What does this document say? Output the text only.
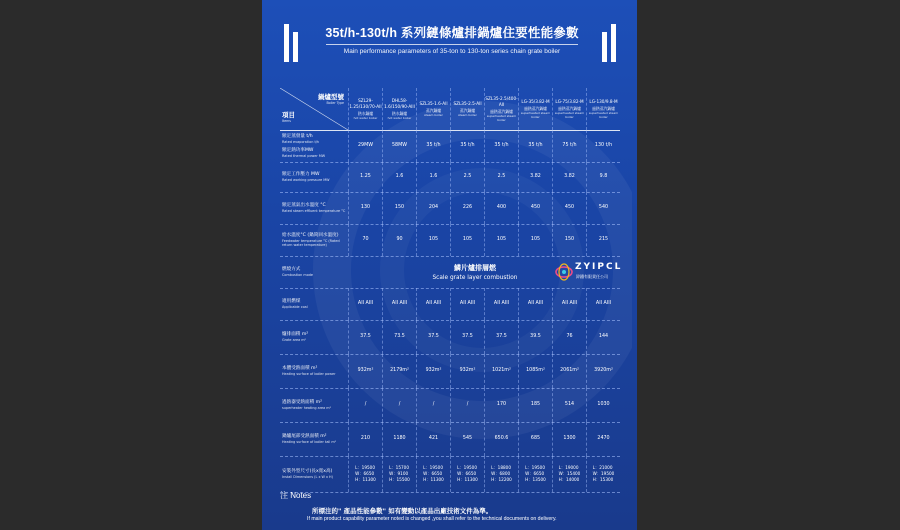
35t/h-130t/h 系列鏈條爐排鍋爐住要性能參數
Main performance parameters of 35-ton to 130-ton series chain grate boiler
鍋爐型號
Boiler Type
項目
Items
SZL29-1.25/130/70-AII
熱水鍋爐
hot water boiler
DHL58-1.6/150/90-AIII
熱水鍋爐
hot water boiler
SZL35-1.6-AII
蒸汽鍋爐
steam boiler
SZL35-2.5-AII
蒸汽鍋爐
steam boiler
SZL35-2.5/400-AII
過熱蒸汽鍋爐
superheated steam boiler
LG-35/3.82-M
過熱蒸汽鍋爐
superheated steam boiler
LG-75/3.82-M
過熱蒸汽鍋爐
superheated steam boiler
LG-130/9.8-M
過熱蒸汽鍋爐
superheated steam boiler
額定蒸發量 t/h
Rated evaporation t/h
額定熱功率MW
Rated thermal power MW
29MW	58MW	35 t/h	35 t/h	35 t/h	35 t/h	75 t/h	130 t/h
額定工作壓力 MW
Rated working pressure MW
1.25	1.6	1.6	2.5	2.5	3.82	3.82	9.8
額定蒸氣出水溫度 °C
Rated steam effluent temperature °C
130	150	204	226	400	450	450	540
給水溫度°C (鍋筒回水溫度)
Feedwater temperature °C (Rated return water temperature)
70	90	105	105	105	105	150	215
燃燒方式
Combustion mode
鱗片爐排層燃
Scale grate layer combustion
ZYIPCL
鋅鐵有限責任公司
適用燃煤
Applicable coal
AII AIII	AII AIII	AII AIII	AII AIII	AII AIII	AII AIII	AII AIII	AII AIII
爐排面積 m²
Grate area m²
37.5	73.5	37.5	37.5	37.5	39.5	76	144
本體受熱面積 m²
Heating surface of boiler power
932m²	2179m²	932m²	932m²	1021m²	1085m²	2061m²	3920m²
過熱器受熱面積 m²
superheater heating area m²
/	/	/	/	170	185	514	1030
鍋爐尾部受熱面積 m²
Heating surface of boiler tail m²
210	1180	421	545	650.6	685	1300	2470
安裝外型尺寸(長x寬x高)
Install Dimensions (L x W x H)
L：19500
W：6650
H：11300
L：15700
W：9100
H：15500
L：19500
W：6650
H：11300
L：19500
W：6650
H：11300
L：18800
W：6800
H：12200
L：19500
W：6650
H：13500
L：19000
W：15400
H：14000
L：21000
W：19500
H：15300
注 Notes
所標注的" 產品性能參數" 如有變動以產品出廠技術文件為準。
If main product capability parameter noted is changed ,you shall refer to the technical documents on delivery.
